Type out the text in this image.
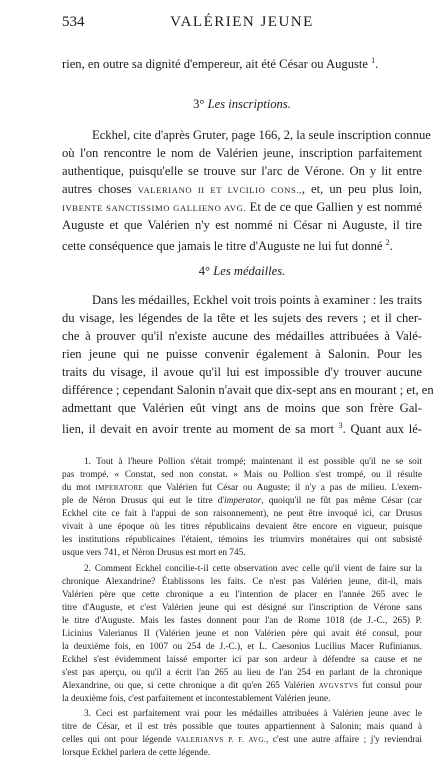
534	VALÉRIEN JEUNE
rien, en outre sa dignité d'empereur, ait été César ou Auguste $^1$.
3° Les inscriptions.
Eckhel, cite d'après Gruter, page 166, 2, la seule inscription connue
où l'on rencontre le nom de Valérien jeune, inscription parfaitement
authentique, puisqu'elle se trouve sur l'arc de Vérone. On y lit entre
autres choses VALERIANO II ET LVCILIO CONS.,, et, un peu plus loin,
IVBENTE SANCTISSIMO GALLIENO AVG. Et de ce que Gallien y est nommé
Auguste et que Valérien n'y est nommé ni César ni Auguste, il tire
cette conséquence que jamais le titre d'Auguste ne lui fut donné $^2$.
4° Les médailles.
Dans les médailles, Eckhel voit trois points à examiner : les traits
du visage, les légendes de la tête et les sujets des revers ; et il cher-
che à prouver qu'il n'existe aucune des médailles attribuées à Valé-
rien jeune qui ne puisse convenir également à Salonin. Pour les
traits du visage, il avoue qu'il lui est impossible d'y trouver aucune
différence ; cependant Salonin n'avait que dix-sept ans en mourant ; et, en
admettant que Valérien eût vingt ans de moins que son frère Gal-
lien, il devait en avoir trente au moment de sa mort $^3$. Quant aux lé-
1. Tout à l'heure Pollion s'était trompé; maintenant il est possible qu'il ne se soit
pas trompé. « Constat, sed non constat. » Mais ou Pollion s'est trompé, ou il résulte
du mot IMPERATORE que Valérien fut César ou Auguste; il n'y a pas de milieu. L'exem-
ple de Néron Drusus qui eut le titre d'imperator, quoiqu'il ne fût pas même César (car
Eckhel cite ce fait à l'appui de son raisonnement), ne peut être invoqué ici, car Drusus
vivait à une époque où les titres républicains devaient être encore en vigueur, puisque
les institutions républicaines l'étaient, témoins les triumvirs monétaires qui ont subsisté
usque vers 741, et Néron Drusus est mort en 745.
2. Comment Eckhel concilie-t-il cette observation avec celle qu'il vient de faire sur la
chronique Alexandrine? Établissons les faits. Ce n'est pas Valérien jeune, dit-il, mais
Valérien père que cette chronique a eu l'intention de placer en l'année 265 avec le
titre d'Auguste, et c'est Valérien jeune qui est désigné sur l'inscription de Vérone sans
le titre d'Auguste. Mais les fastes donnent pour l'an de Rome 1018 (de J.-C., 265) P.
Licinius Valerianus II (Valérien jeune et non Valérien père qui avait été consul, pour
la deuxième fois, en 1007 ou 254 de J.-C.), et L. Caesonius Lucilius Macer Rufinianus.
Eckhel s'est évidemment laissé emporter ici par son ardeur à défendre sa cause et ne
s'est pas aperçu, ou qu'il a écrit l'an 265 au lieu de l'an 254 en parlant de la chronique
Alexandrine, ou que, si cette chronique a dit qu'en 265 Valérien AVGVSTVS fut consul pour
la deuxième fois, c'est parfaitement et incontestablement Valérien jeune.
3. Ceci est parfaitement vrai pour les médailles attribuées à Valérien jeune avec le
titre de César, et il est très possible que toutes appartiennent à Salonin; mais quand à
celles qui ont pour légende VALERIANVS P. F. AVG., c'est une autre affaire ; j'y reviendrai
lorsque Eckhel parlera de cette légende.
